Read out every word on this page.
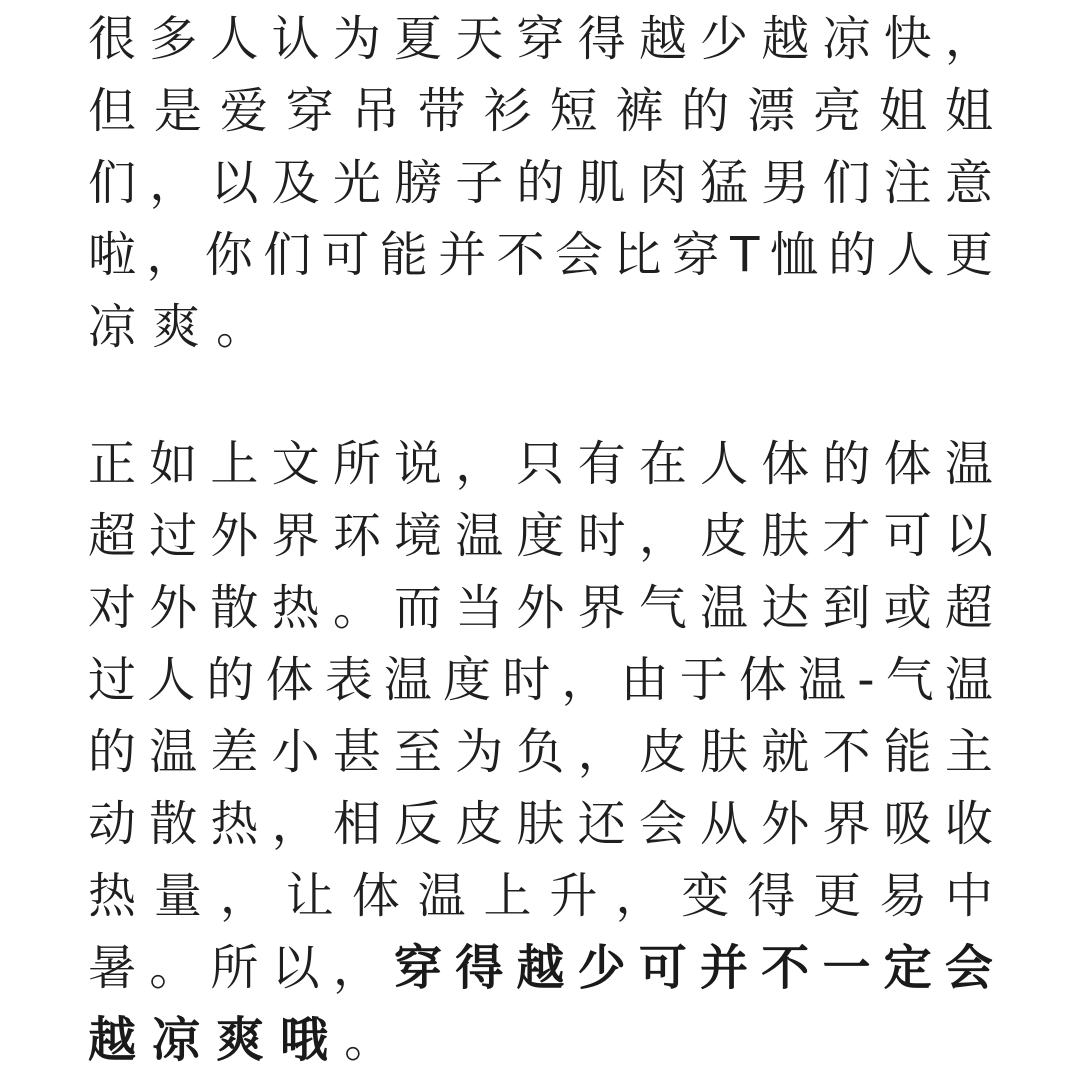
很 多 人 认 为 夏 天 穿 得 越 少 越 凉 快 ，
但 是 爱 穿 吊 带 衫 短 裤 的 漂 亮 姐 姐
们 ， 以 及 光 膀 子 的 肌 肉 猛 男 们 注 意
啦 ， 你 们 可 能 并 不 会 比 穿 T 恤 的 人 更
凉 爽 。
正 如 上 文 所 说 ， 只 有 在 人 体 的 体 温
超 过 外 界 环 境 温 度 时 ， 皮 肤 才 可 以
对 外 散 热 。 而 当 外 界 气 温 达 到 或 超
过 人 的 体 表 温 度 时 ， 由 于 体 温 - 气 温
的 温 差 小 甚 至 为 负 ， 皮 肤 就 不 能 主
动 散 热 ， 相 反 皮 肤 还 会 从 外 界 吸 收
热 量 ， 让 体 温 上 升 ， 变 得 更 易 中
暑 。 所 以 ， 穿 得 越 少 可 并 不 一 定 会
越 凉 爽 哦 。
